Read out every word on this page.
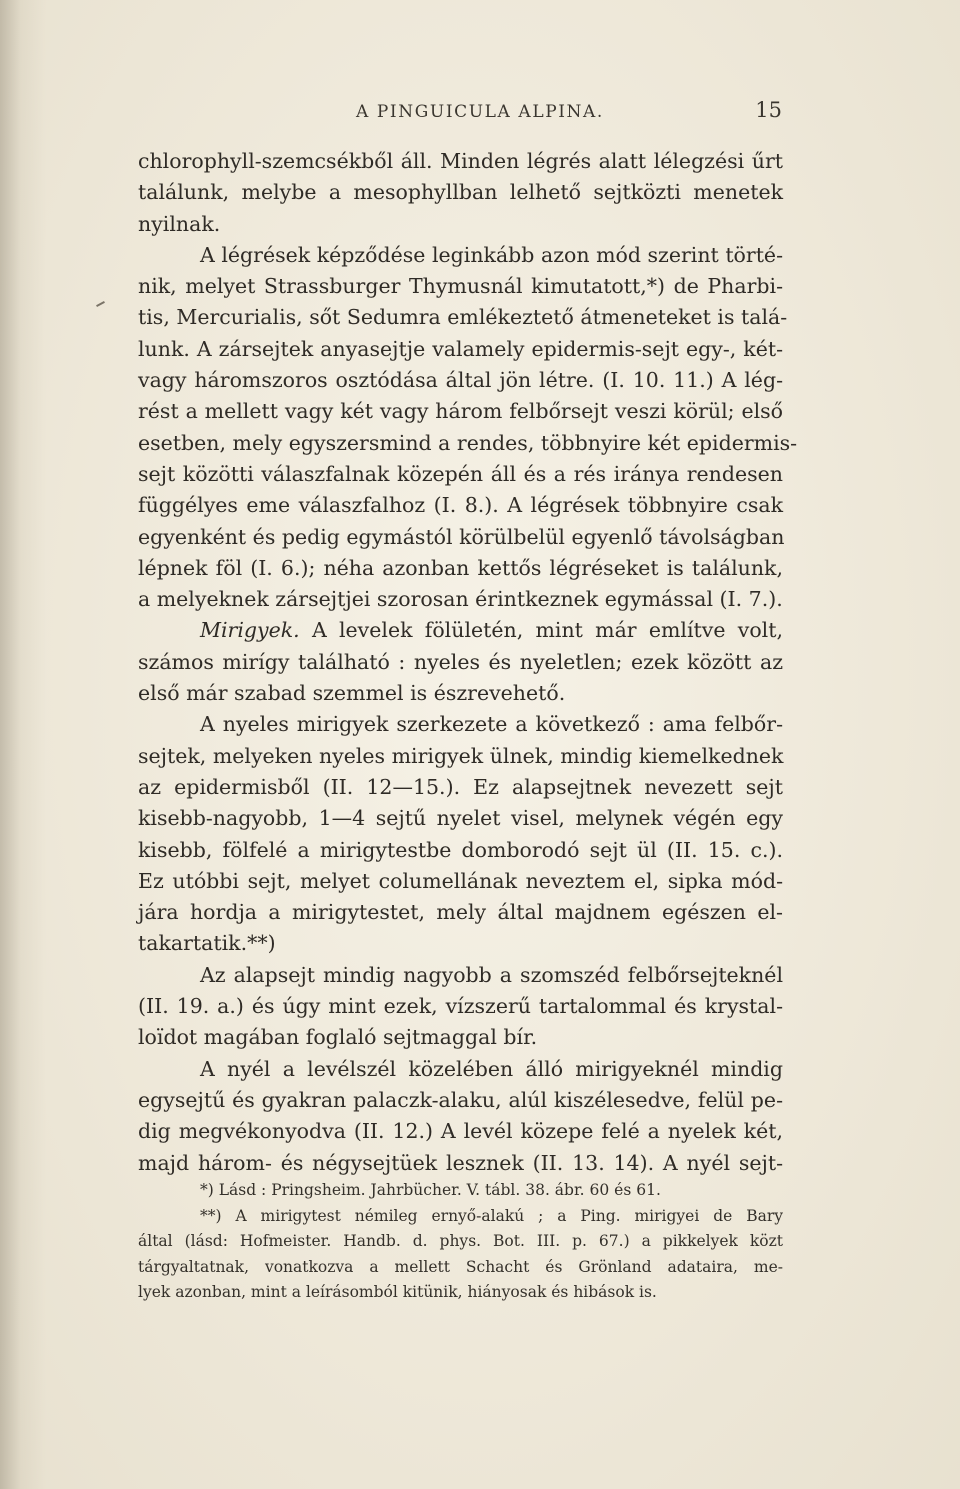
A PINGUICULA ALPINA.	15
chlorophyll-szemcsékből áll. Minden légrés alatt lélegzési űrt
találunk, melybe a mesophyllban lelhető sejtközti menetek
nyilnak.
A légrések képződése leginkább azon mód szerint törté-
nik, melyet Strassburger Thymusnál kimutatott,*) de Pharbi-
tis, Mercurialis, sőt Sedumra emlékeztető átmeneteket is talá-
lunk. A zársejtek anyasejtje valamely epidermis-sejt egy-, két-
vagy háromszoros osztódása által jön létre. (I. 10. 11.) A lég-
rést a mellett vagy két vagy három felbőrsejt veszi körül; első
esetben, mely egyszersmind a rendes, többnyire két epidermis-
sejt közötti válaszfalnak közepén áll és a rés iránya rendesen
függélyes eme válaszfalhoz (I. 8.). A légrések többnyire csak
egyenként és pedig egymástól körülbelül egyenlő távolságban
lépnek föl (I. 6.); néha azonban kettős légréseket is találunk,
a melyeknek zársejtjei szorosan érintkeznek egymással (I. 7.).
Mirigyek. A levelek fölületén, mint már említve volt,
számos mirígy található : nyeles és nyeletlen; ezek között az
első már szabad szemmel is észrevehető.
A nyeles mirigyek szerkezete a következő : ama felbőr-
sejtek, melyeken nyeles mirigyek ülnek, mindig kiemelkednek
az epidermisből (II. 12—15.). Ez alapsejtnek nevezett sejt
kisebb-nagyobb, 1—4 sejtű nyelet visel, melynek végén egy
kisebb, fölfelé a mirigytestbe domborodó sejt ül (II. 15. c.).
Ez utóbbi sejt, melyet columellának neveztem el, sipka mód-
jára hordja a mirigytestet, mely által majdnem egészen el-
takartatik.**)
Az alapsejt mindig nagyobb a szomszéd felbőrsejteknél
(II. 19. a.) és úgy mint ezek, vízszerű tartalommal és krystal-
loïdot magában foglaló sejtmaggal bír.
A nyél a levélszél közelében álló mirigyeknél mindig
egysejtű és gyakran palaczk-alaku, alúl kiszélesedve, felül pe-
dig megvékonyodva (II. 12.) A levél közepe felé a nyelek két,
majd három- és négysejtüek lesznek (II. 13. 14). A nyél sejt-
*) Lásd : Pringsheim. Jahrbücher. V. tábl. 38. ábr. 60 és 61.
**) A mirigytest némileg ernyő-alakú ; a Ping. mirigyei de Bary
által (lásd: Hofmeister. Handb. d. phys. Bot. III. p. 67.) a pikkelyek közt
tárgyaltatnak, vonatkozva a mellett Schacht és Grönland adataira, me-
lyek azonban, mint a leírásomból kitünik, hiányosak és hibások is.
